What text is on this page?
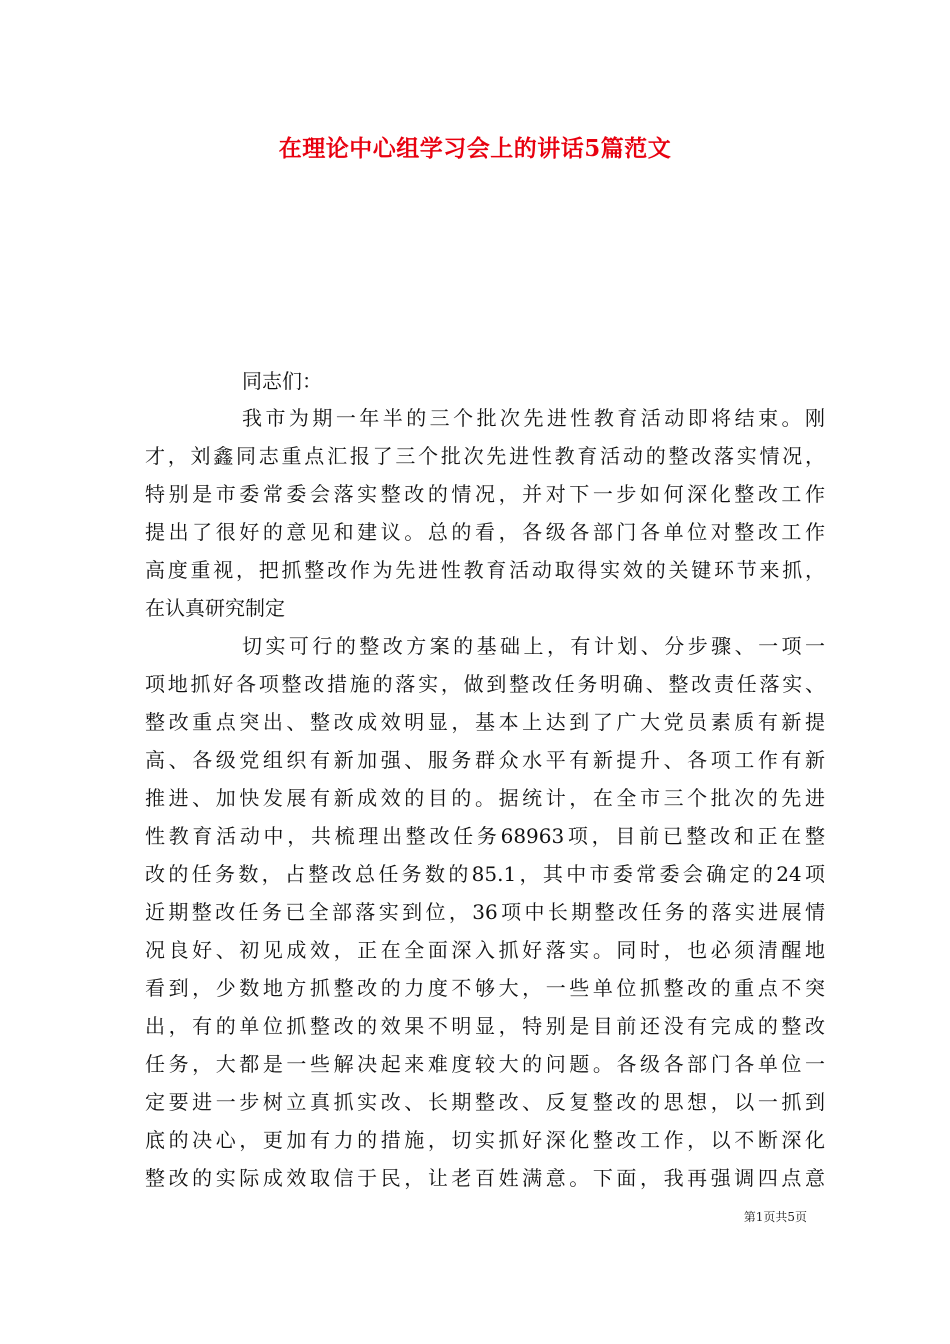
在理论中心组学习会上的讲话5篇范文
同志们：
我市为期一年半的三个批次先进性教育活动即将结束。刚
才，刘鑫同志重点汇报了三个批次先进性教育活动的整改落实情况，
特别是市委常委会落实整改的情况，并对下一步如何深化整改工作
提出了很好的意见和建议。总的看，各级各部门各单位对整改工作
高度重视，把抓整改作为先进性教育活动取得实效的关键环节来抓，
在认真研究制定
切实可行的整改方案的基础上，有计划、分步骤、一项一
项地抓好各项整改措施的落实，做到整改任务明确、整改责任落实、
整改重点突出、整改成效明显，基本上达到了广大党员素质有新提
高、各级党组织有新加强、服务群众水平有新提升、各项工作有新
推进、加快发展有新成效的目的。据统计，在全市三个批次的先进
性教育活动中，共梳理出整改任务68963项，目前已整改和正在整
改的任务数，占整改总任务数的85.1，其中市委常委会确定的24项
近期整改任务已全部落实到位，36项中长期整改任务的落实进展情
况良好、初见成效，正在全面深入抓好落实。同时，也必须清醒地
看到，少数地方抓整改的力度不够大，一些单位抓整改的重点不突
出，有的单位抓整改的效果不明显，特别是目前还没有完成的整改
任务，大都是一些解决起来难度较大的问题。各级各部门各单位一
定要进一步树立真抓实改、长期整改、反复整改的思想，以一抓到
底的决心，更加有力的措施，切实抓好深化整改工作，以不断深化
整改的实际成效取信于民，让老百姓满意。下面，我再强调四点意
第1页共5页
